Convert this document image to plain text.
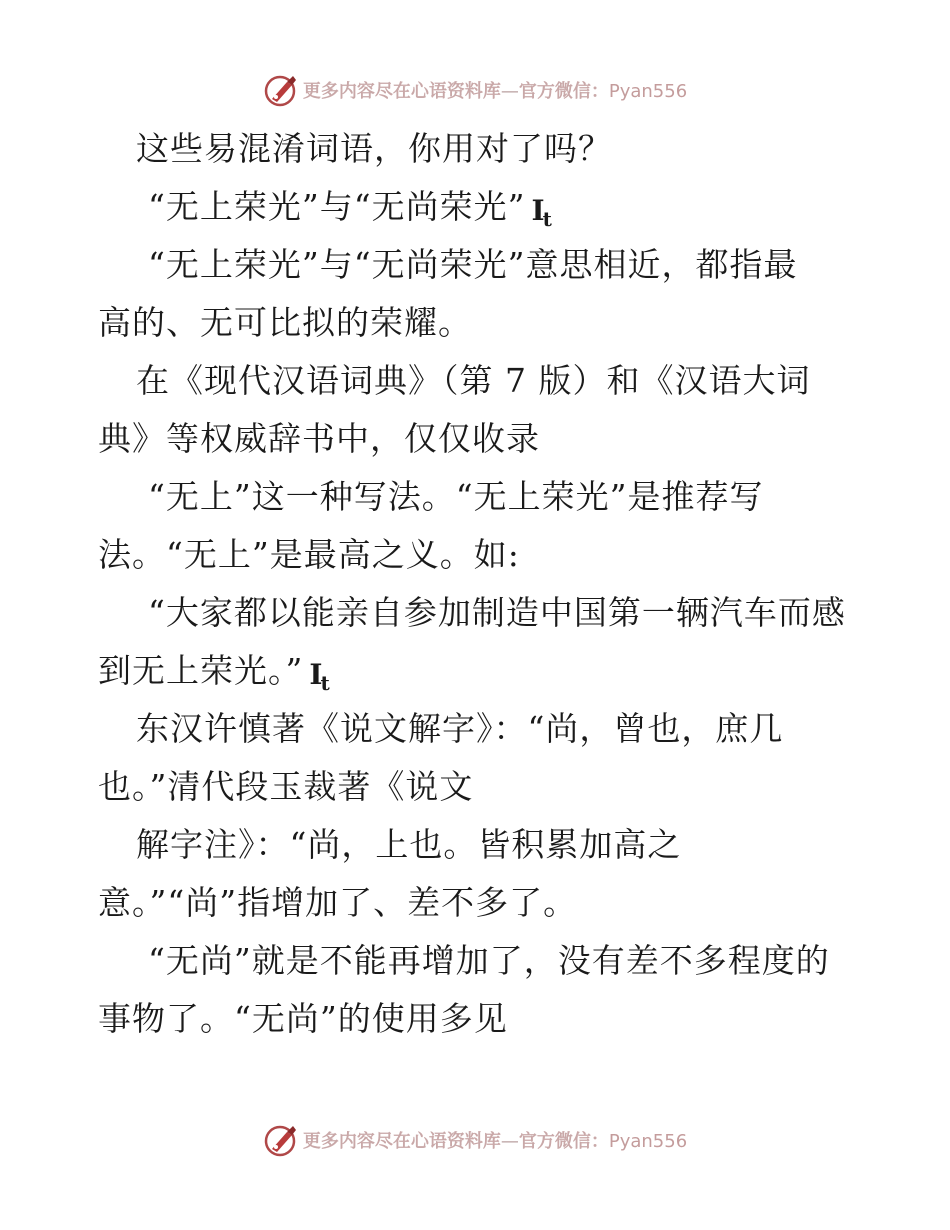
更多内容尽在心语资料库—官方微信：Pyan556
这些易混淆词语，你用对了吗？
“无上荣光”与“无尚荣光” $I_t$
“无上荣光”与“无尚荣光”意思相近，都指最
高的、无可比拟的荣耀。
在《现代汉语词典》（第 7 版）和《汉语大词
典》等权威辞书中，仅仅收录
“无上”这一种写法。“无上荣光”是推荐写
法。“无上”是最高之义。如:
“大家都以能亲自参加制造中国第一辆汽车而感
到无上荣光。” $I_t$
东汉许慎著《说文解字》：“尚，曾也，庶几
也。”清代段玉裁著《说文
解字注》：“尚，上也。皆积累加高之
意。”“尚”指增加了、差不多了。
“无尚”就是不能再增加了，没有差不多程度的
事物了。“无尚”的使用多见
更多内容尽在心语资料库—官方微信：Pyan556
